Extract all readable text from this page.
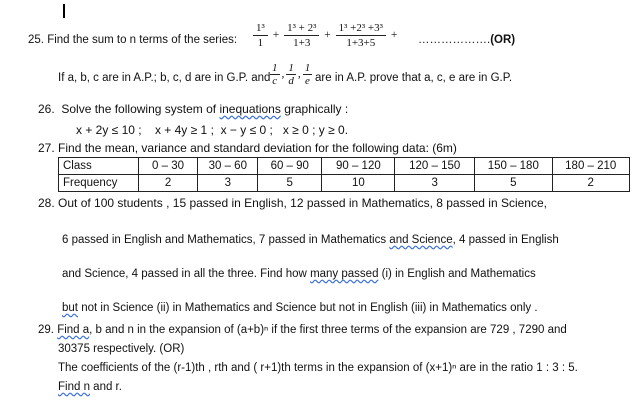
25. Find the sum to n terms of the series: $\frac{\text{1³}}{1} + \frac{\text{1³ + 2³}}{1+3} + \frac{\text{1³ +2³ +3³}}{1+3+5}$ + ……………….(OR)
If a, b, c are in A.P.; b, c, d are in G.P. and $\frac{1}{c}$ , $\frac{1}{d}$ , $\frac{1}{e}$ are in A.P. prove that a, c, e are in G.P.
26. Solve the following system of inequations graphically :
x + 2y ≤ 10 ;    x + 4y ≥ 1 ;  x − y ≤ 0 ;   x ≥ 0 ; y ≥ 0.
27. Find the mean, variance and standard deviation for the following data: (6m)
Class	0 – 30	30 – 60	60 – 90	90 – 120	120 – 150	150 – 180	180 – 210
Frequency	2	3	5	10	3	5	2
28. Out of 100 students , 15 passed in English, 12 passed in Mathematics, 8 passed in Science,
6 passed in English and Mathematics, 7 passed in Mathematics and Science, 4 passed in English
and Science, 4 passed in all the three. Find how many passed (i) in English and Mathematics
but not in Science (ii) in Mathematics and Science but not in English (iii) in Mathematics only .
29. Find a, b and n in the expansion of (a+b)ⁿ if the first three terms of the expansion are 729 , 7290 and
30375 respectively. (OR)
The coefficients of the (r-1)th , rth and ( r+1)th terms in the expansion of (x+1)ⁿ are in the ratio 1 : 3 : 5.
Find n and r.
